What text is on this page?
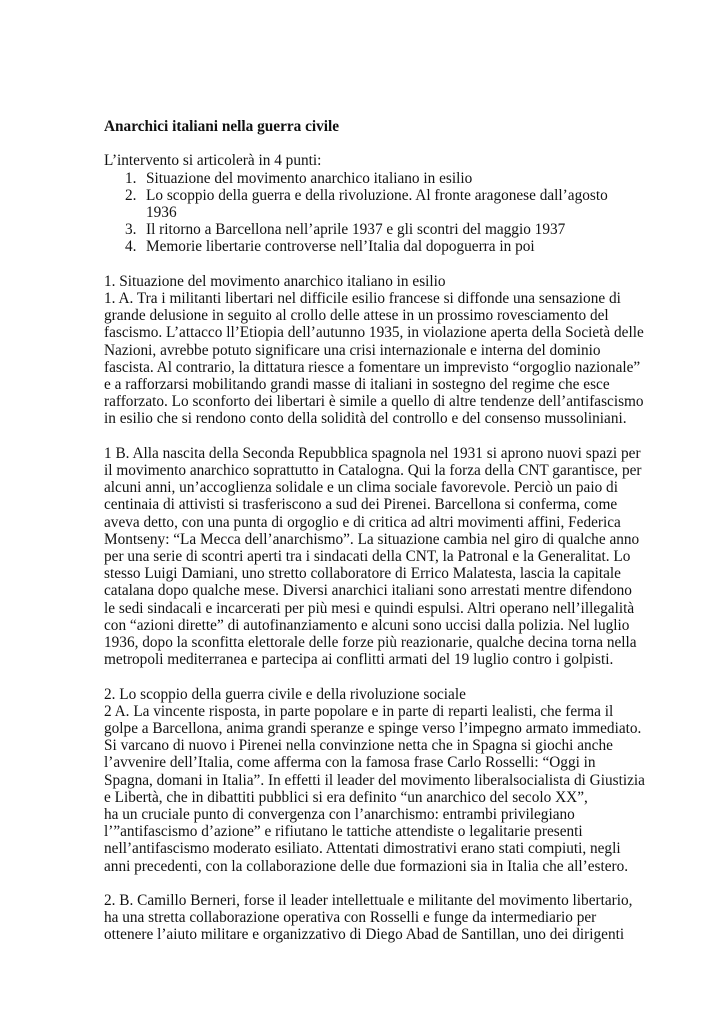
Anarchici italiani nella guerra civile

L’intervento si articolerà in 4 punti:
1. Situazione del movimento anarchico italiano in esilio
2. Lo scoppio della guerra e della rivoluzione. Al fronte aragonese dall’agosto
1936
3. Il ritorno a Barcellona nell’aprile 1937 e gli scontri del maggio 1937
4. Memorie libertarie controverse nell’Italia dal dopoguerra in poi
1. Situazione del movimento anarchico italiano in esilio
1. A. Tra i militanti libertari nel difficile esilio francese si diffonde una sensazione di
grande delusione in seguito al crollo delle attese in un prossimo rovesciamento del
fascismo. L’attacco ll’Etiopia dell’autunno 1935, in violazione aperta della Società delle
Nazioni, avrebbe potuto significare una crisi internazionale e interna del dominio
fascista. Al contrario, la dittatura riesce a fomentare un imprevisto “orgoglio nazionale”
e a rafforzarsi mobilitando grandi masse di italiani in sostegno del regime che esce
rafforzato. Lo sconforto dei libertari è simile a quello di altre tendenze dell’antifascismo
in esilio che si rendono conto della solidità del controllo e del consenso mussoliniani.
1 B. Alla nascita della Seconda Repubblica spagnola nel 1931 si aprono nuovi spazi per
il movimento anarchico soprattutto in Catalogna. Qui la forza della CNT garantisce, per
alcuni anni, un’accoglienza solidale e un clima sociale favorevole. Perciò un paio di
centinaia di attivisti si trasferiscono a sud dei Pirenei. Barcellona si conferma, come
aveva detto, con una punta di orgoglio e di critica ad altri movimenti affini, Federica
Montseny: “La Mecca dell’anarchismo”. La situazione cambia nel giro di qualche anno
per una serie di scontri aperti tra i sindacati della CNT, la Patronal e la Generalitat. Lo
stesso Luigi Damiani, uno stretto collaboratore di Errico Malatesta, lascia la capitale
catalana dopo qualche mese. Diversi anarchici italiani sono arrestati mentre difendono
le sedi sindacali e incarcerati per più mesi e quindi espulsi. Altri operano nell’illegalità
con “azioni dirette” di autofinanziamento e alcuni sono uccisi dalla polizia. Nel luglio
1936, dopo la sconfitta elettorale delle forze più reazionarie, qualche decina torna nella
metropoli mediterranea e partecipa ai conflitti armati del 19 luglio contro i golpisti.
2. Lo scoppio della guerra civile e della rivoluzione sociale
2 A. La vincente risposta, in parte popolare e in parte di reparti lealisti, che ferma il
golpe a Barcellona, anima grandi speranze e spinge verso l’impegno armato immediato.
Si varcano di nuovo i Pirenei nella convinzione netta che in Spagna si giochi anche
l’avvenire dell’Italia, come afferma con la famosa frase Carlo Rosselli: “Oggi in
Spagna, domani in Italia”. In effetti il leader del movimento liberalsocialista di Giustizia
e Libertà, che in dibattiti pubblici si era definito “un anarchico del secolo XX”,
ha un cruciale punto di convergenza con l’anarchismo: entrambi privilegiano
l’”antifascismo d’azione” e rifiutano le tattiche attendiste o legalitarie presenti
nell’antifascismo moderato esiliato. Attentati dimostrativi erano stati compiuti, negli
anni precedenti, con la collaborazione delle due formazioni sia in Italia che all’estero.
2. B. Camillo Berneri, forse il leader intellettuale e militante del movimento libertario,
ha una stretta collaborazione operativa con Rosselli e funge da intermediario per
ottenere l’aiuto militare e organizzativo di Diego Abad de Santillan, uno dei dirigenti
